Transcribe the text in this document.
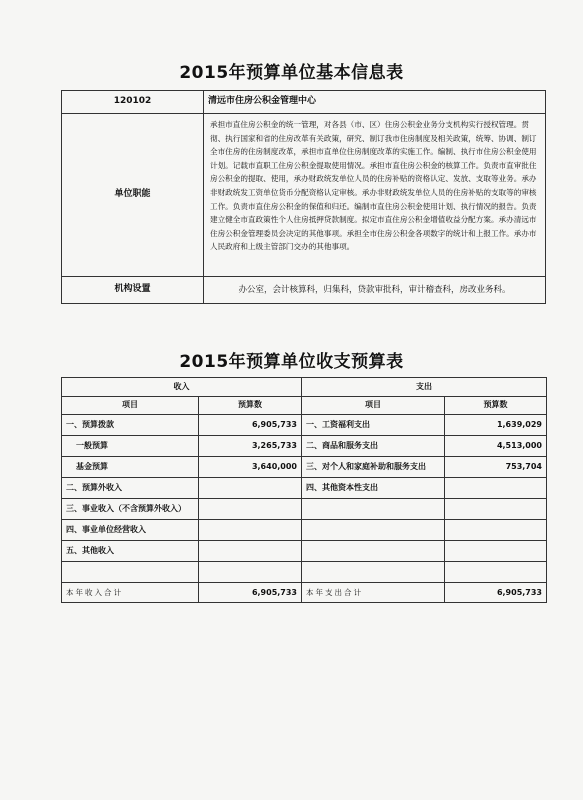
2015年预算单位基本信息表
120102	清远市住房公积金管理中心
单位职能	承担市直住房公积金的统一管理，对各县（市、区）住房公积金业务分支机构实行授权管理。贯彻、执行国家和省的住房改革有关政策，研究、制订我市住房制度及相关政策，统筹、协调、制订全市住房的住房制度改革，承担市直单位住房制度改革的实施工作。编制、执行市住房公积金使用计划。记载市直职工住房公积金提取使用情况。承担市直住房公积金的核算工作。负责市直审批住房公积金的提取、使用，承办财政统发单位人员的住房补贴的资格认定、发放、支取等业务。承办非财政统发工资单位货币分配资格认定审核。承办非财政统发单位人员的住房补贴的支取等的审核工作。负责市直住房公积金的保值和归还。编制市直住房公积金使用计划、执行情况的报告。负责建立健全市直政策性个人住房抵押贷款制度。拟定市直住房公积金增值收益分配方案。承办清远市住房公积金管理委员会决定的其他事项。承担全市住房公积金各项数字的统计和上报工作。承办市人民政府和上级主管部门交办的其他事项。
机构设置	办公室，会计核算科，归集科，贷款审批科，审计稽查科，房改业务科。
2015年预算单位收支预算表
收入		支出	
项目	预算数	项目	预算数
一、预算拨款	6,905,733	一、工资福利支出	1,639,029
一般预算	3,265,733	二、商品和服务支出	4,513,000
基金预算	3,640,000	三、对个人和家庭补助和服务支出	753,704
二、预算外收入		四、其他资本性支出	
三、事业收入（不含预算外收入）			
四、事业单位经营收入			
五、其他收入			

本年收入合计	6,905,733	本年支出合计	6,905,733
